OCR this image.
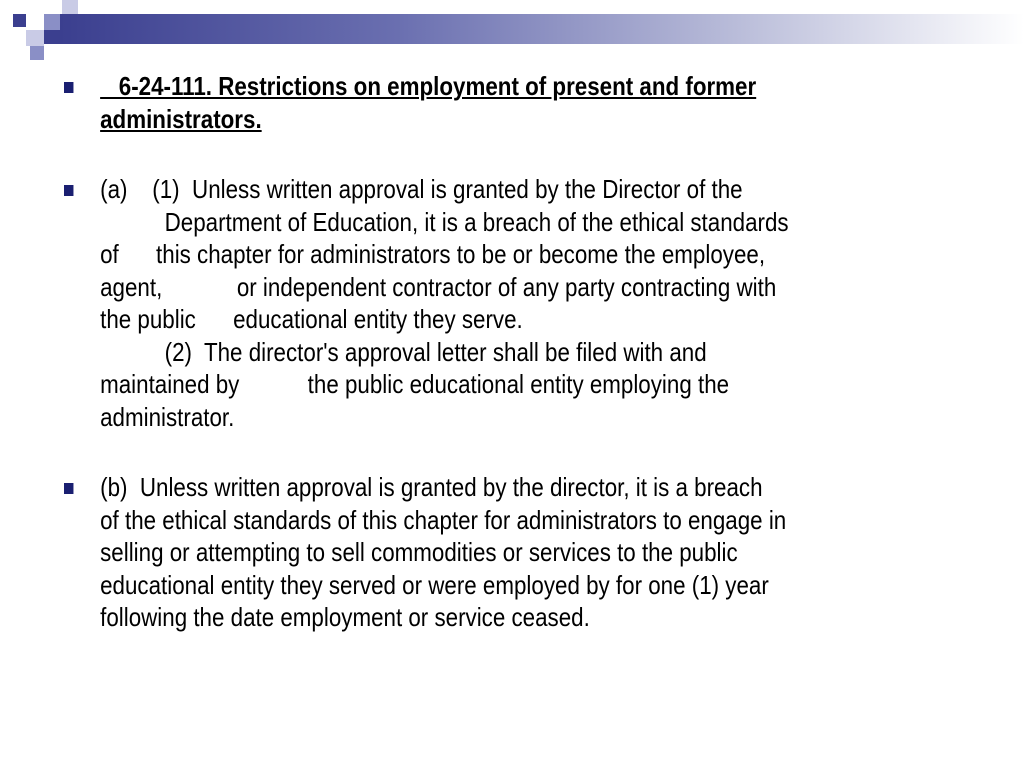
6-24-111. Restrictions on employment of present and former
administrators.
(a)    (1)  Unless written approval is granted by the Director of the
Department of Education, it is a breach of the ethical standards
of      this chapter for administrators to be or become the employee,
agent,            or independent contractor of any party contracting with
the public      educational entity they serve.
(2)  The director's approval letter shall be filed with and
maintained by           the public educational entity employing the
administrator.
(b)  Unless written approval is granted by the director, it is a breach
of the ethical standards of this chapter for administrators to engage in
selling or attempting to sell commodities or services to the public
educational entity they served or were employed by for one (1) year
following the date employment or service ceased.
